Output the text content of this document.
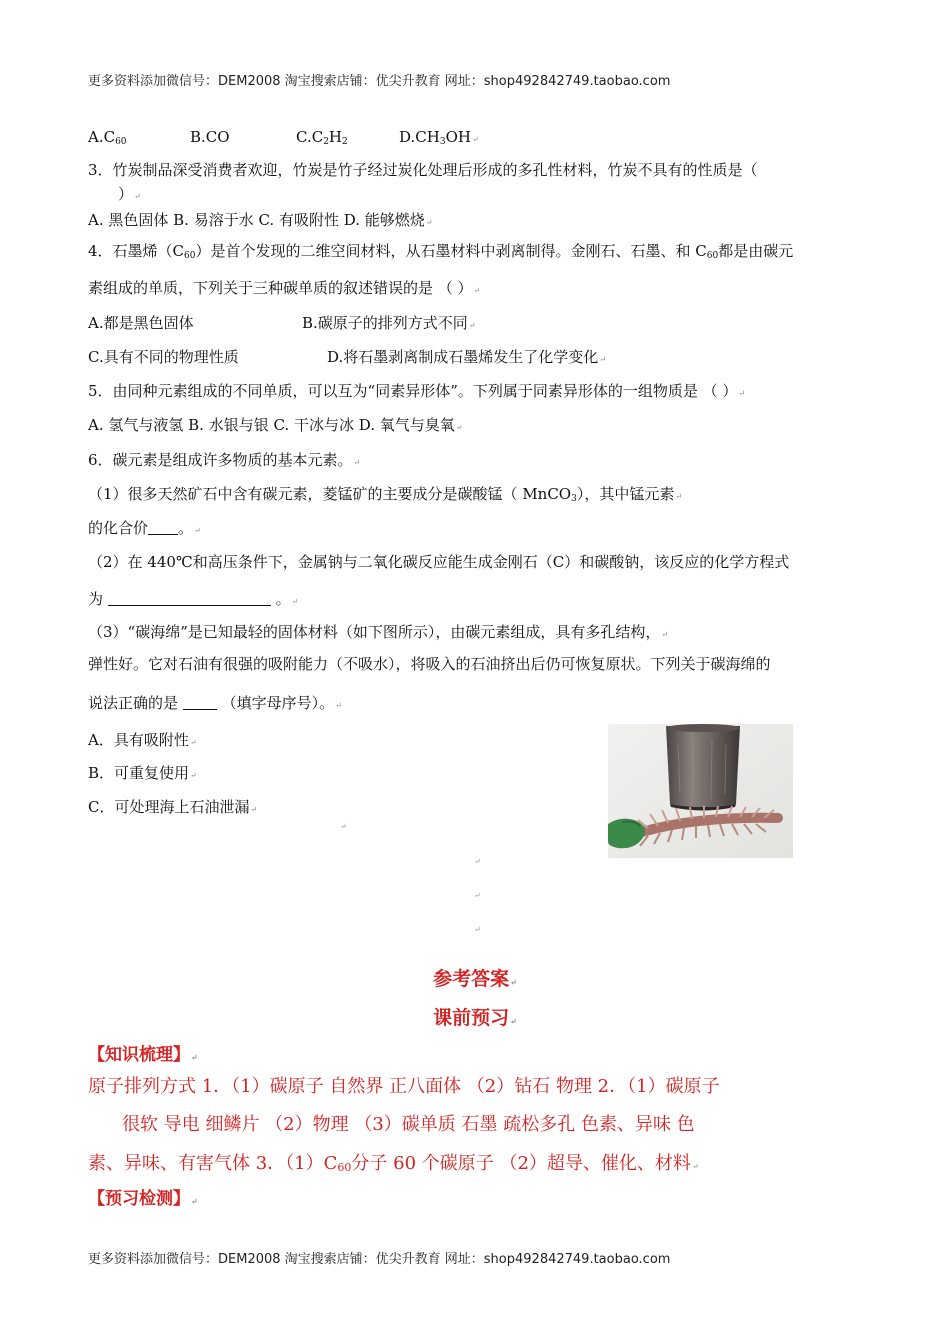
更多资料添加微信号：DEM2008 淘宝搜索店铺：优尖升教育 网址：shop492842749.taobao.com
$A.C_{60}$	B.CO	$C.C_2H_2$	$D.CH_3OH↵$
3．竹炭制品深受消费者欢迎，竹炭是竹子经过炭化处理后形成的多孔性材料，竹炭不具有的性质是（
）↵
A. 黑色固体 B. 易溶于水 C. 有吸附性 D. 能够燃烧↵
4．石墨烯$(C_{60})$是首个发现的二维空间材料，从石墨材料中剥离制得。金刚石、石墨、和 $C_{60}$都是由碳元
素组成的单质，下列关于三种碳单质的叙述错误的是 （ ）↵
A.都是黑色固体	B.碳原子的排列方式不同↵
C.具有不同的物理性质	D.将石墨剥离制成石墨烯发生了化学变化↵
5．由同种元素组成的不同单质，可以互为“同素异形体”。下列属于同素异形体的一组物质是 （ ）↵
A. 氢气与液氢 B. 水银与银 C. 干冰与冰 D. 氧气与臭氧↵
6．碳元素是组成许多物质的基本元素。↵
（1）很多天然矿石中含有碳元素，菱锰矿的主要成分是碳酸锰（ MnCO$_3$），其中锰元素↵
的化合价 。↵
（2）在 440℃和高压条件下，金属钠与二氧化碳反应能生成金刚石（C）和碳酸钠，该反应的化学方程式
为	。↵
（3）“碳海绵”是已知最轻的固体材料（如下图所示），由碳元素组成，具有多孔结构，↵
弹性好。它对石油有很强的吸附能力（不吸水），将吸入的石油挤出后仍可恢复原状。下列关于碳海绵的
说法正确的是	（填字母序号）。↵
A．具有吸附性↵
B．可重复使用↵
C．可处理海上石油泄漏↵
↵
↵
↵
↵
参考答案↵
课前预习↵
【知识梳理】↵
原子排列方式 1．（1）碳原子 自然界 正八面体 （2）钻石 物理 2．（1）碳原子
很软 导电 细鳞片 （2）物理 （3）碳单质 石墨 疏松多孔 色素、异味 色
素、异味、有害气体 3．（1）C60分子 60 个碳原子 （2）超导、催化、材料↵
【预习检测】↵
更多资料添加微信号：DEM2008 淘宝搜索店铺：优尖升教育 网址：shop492842749.taobao.com
